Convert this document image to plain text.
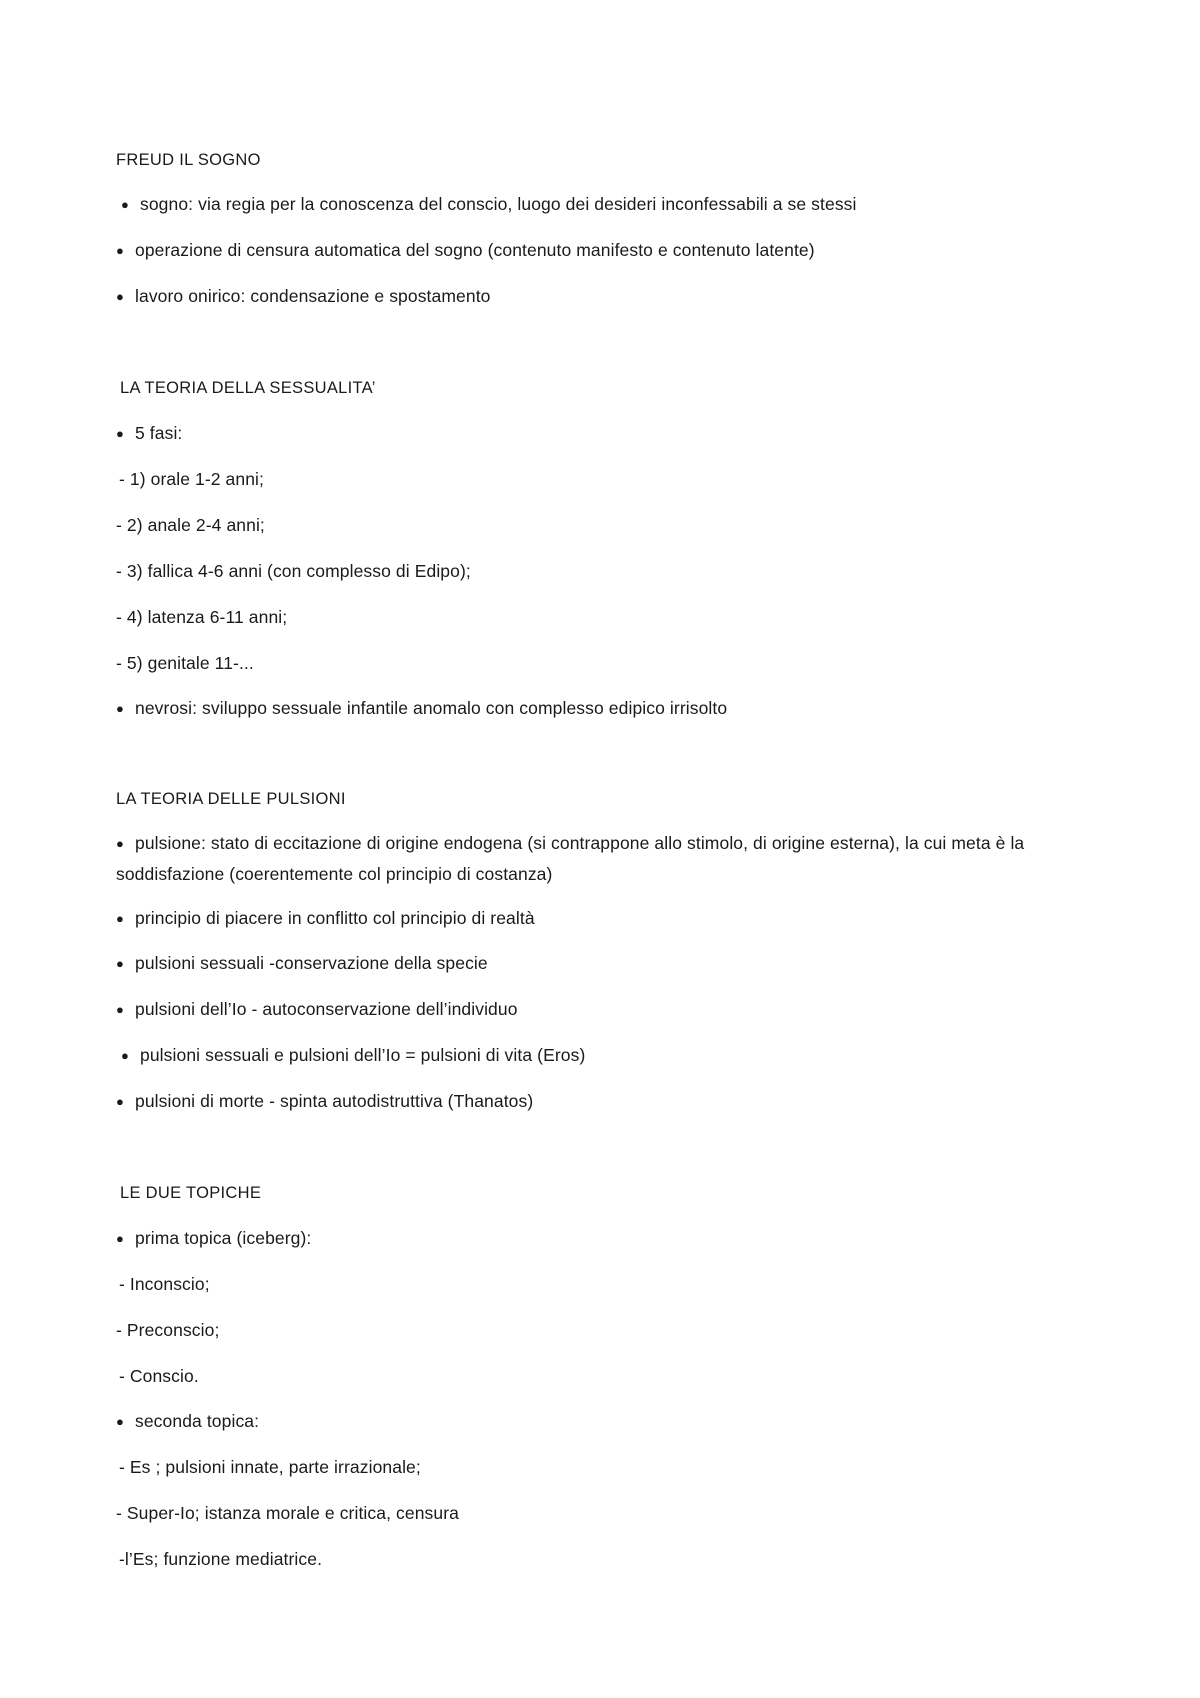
FREUD IL SOGNO
● sogno: via regia per la conoscenza del conscio, luogo dei desideri inconfessabili a se stessi
● operazione di censura automatica del sogno (contenuto manifesto e contenuto latente)
● lavoro onirico: condensazione e spostamento
LA TEORIA DELLA SESSUALITA’
● 5 fasi:
- 1) orale 1-2 anni;
- 2) anale 2-4 anni;
- 3) fallica 4-6 anni (con complesso di Edipo);
- 4) latenza 6-11 anni;
- 5) genitale 11-...
● nevrosi: sviluppo sessuale infantile anomalo con complesso edipico irrisolto
LA TEORIA DELLE PULSIONI
● pulsione: stato di eccitazione di origine endogena (si contrappone allo stimolo, di origine esterna), la cui meta è la soddisfazione (coerentemente col principio di costanza)
● principio di piacere in conflitto col principio di realtà
● pulsioni sessuali -conservazione della specie
● pulsioni dell’Io - autoconservazione dell’individuo
● pulsioni sessuali e pulsioni dell’Io = pulsioni di vita (Eros)
● pulsioni di morte - spinta autodistruttiva (Thanatos)
LE DUE TOPICHE
● prima topica (iceberg):
- Inconscio;
- Preconscio;
- Conscio.
● seconda topica:
- Es ; pulsioni innate, parte irrazionale;
- Super-Io; istanza morale e critica, censura
-l’Es; funzione mediatrice.
